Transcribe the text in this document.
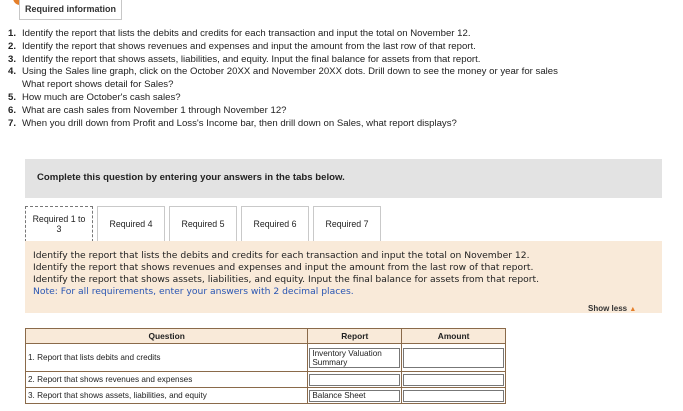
Required information
1. Identify the report that lists the debits and credits for each transaction and input the total on November 12.
2. Identify the report that shows revenues and expenses and input the amount from the last row of that report.
3. Identify the report that shows assets, liabilities, and equity. Input the final balance for assets from that report.
4. Using the Sales line graph, click on the October 20XX and November 20XX dots. Drill down to see the money or year for sales
What report shows detail for Sales?
5. How much are October's cash sales?
6. What are cash sales from November 1 through November 12?
7. When you drill down from Profit and Loss's Income bar, then drill down on Sales, what report displays?
Complete this question by entering your answers in the tabs below.
Required 1 to
3	Required 4	Required 5	Required 6	Required 7
Identify the report that lists the debits and credits for each transaction and input the total on November 12.
Identify the report that shows revenues and expenses and input the amount from the last row of that report.
Identify the report that shows assets, liabilities, and equity. Input the final balance for assets from that report.
Note: For all requirements, enter your answers with 2 decimal places.
Show less ▲
Question	Report	Amount
1. Report that lists debits and credits	Inventory Valuation Summary	

2. Report that shows revenues and expenses	

3. Report that shows assets, liabilities, and equity	Balance Sheet	
